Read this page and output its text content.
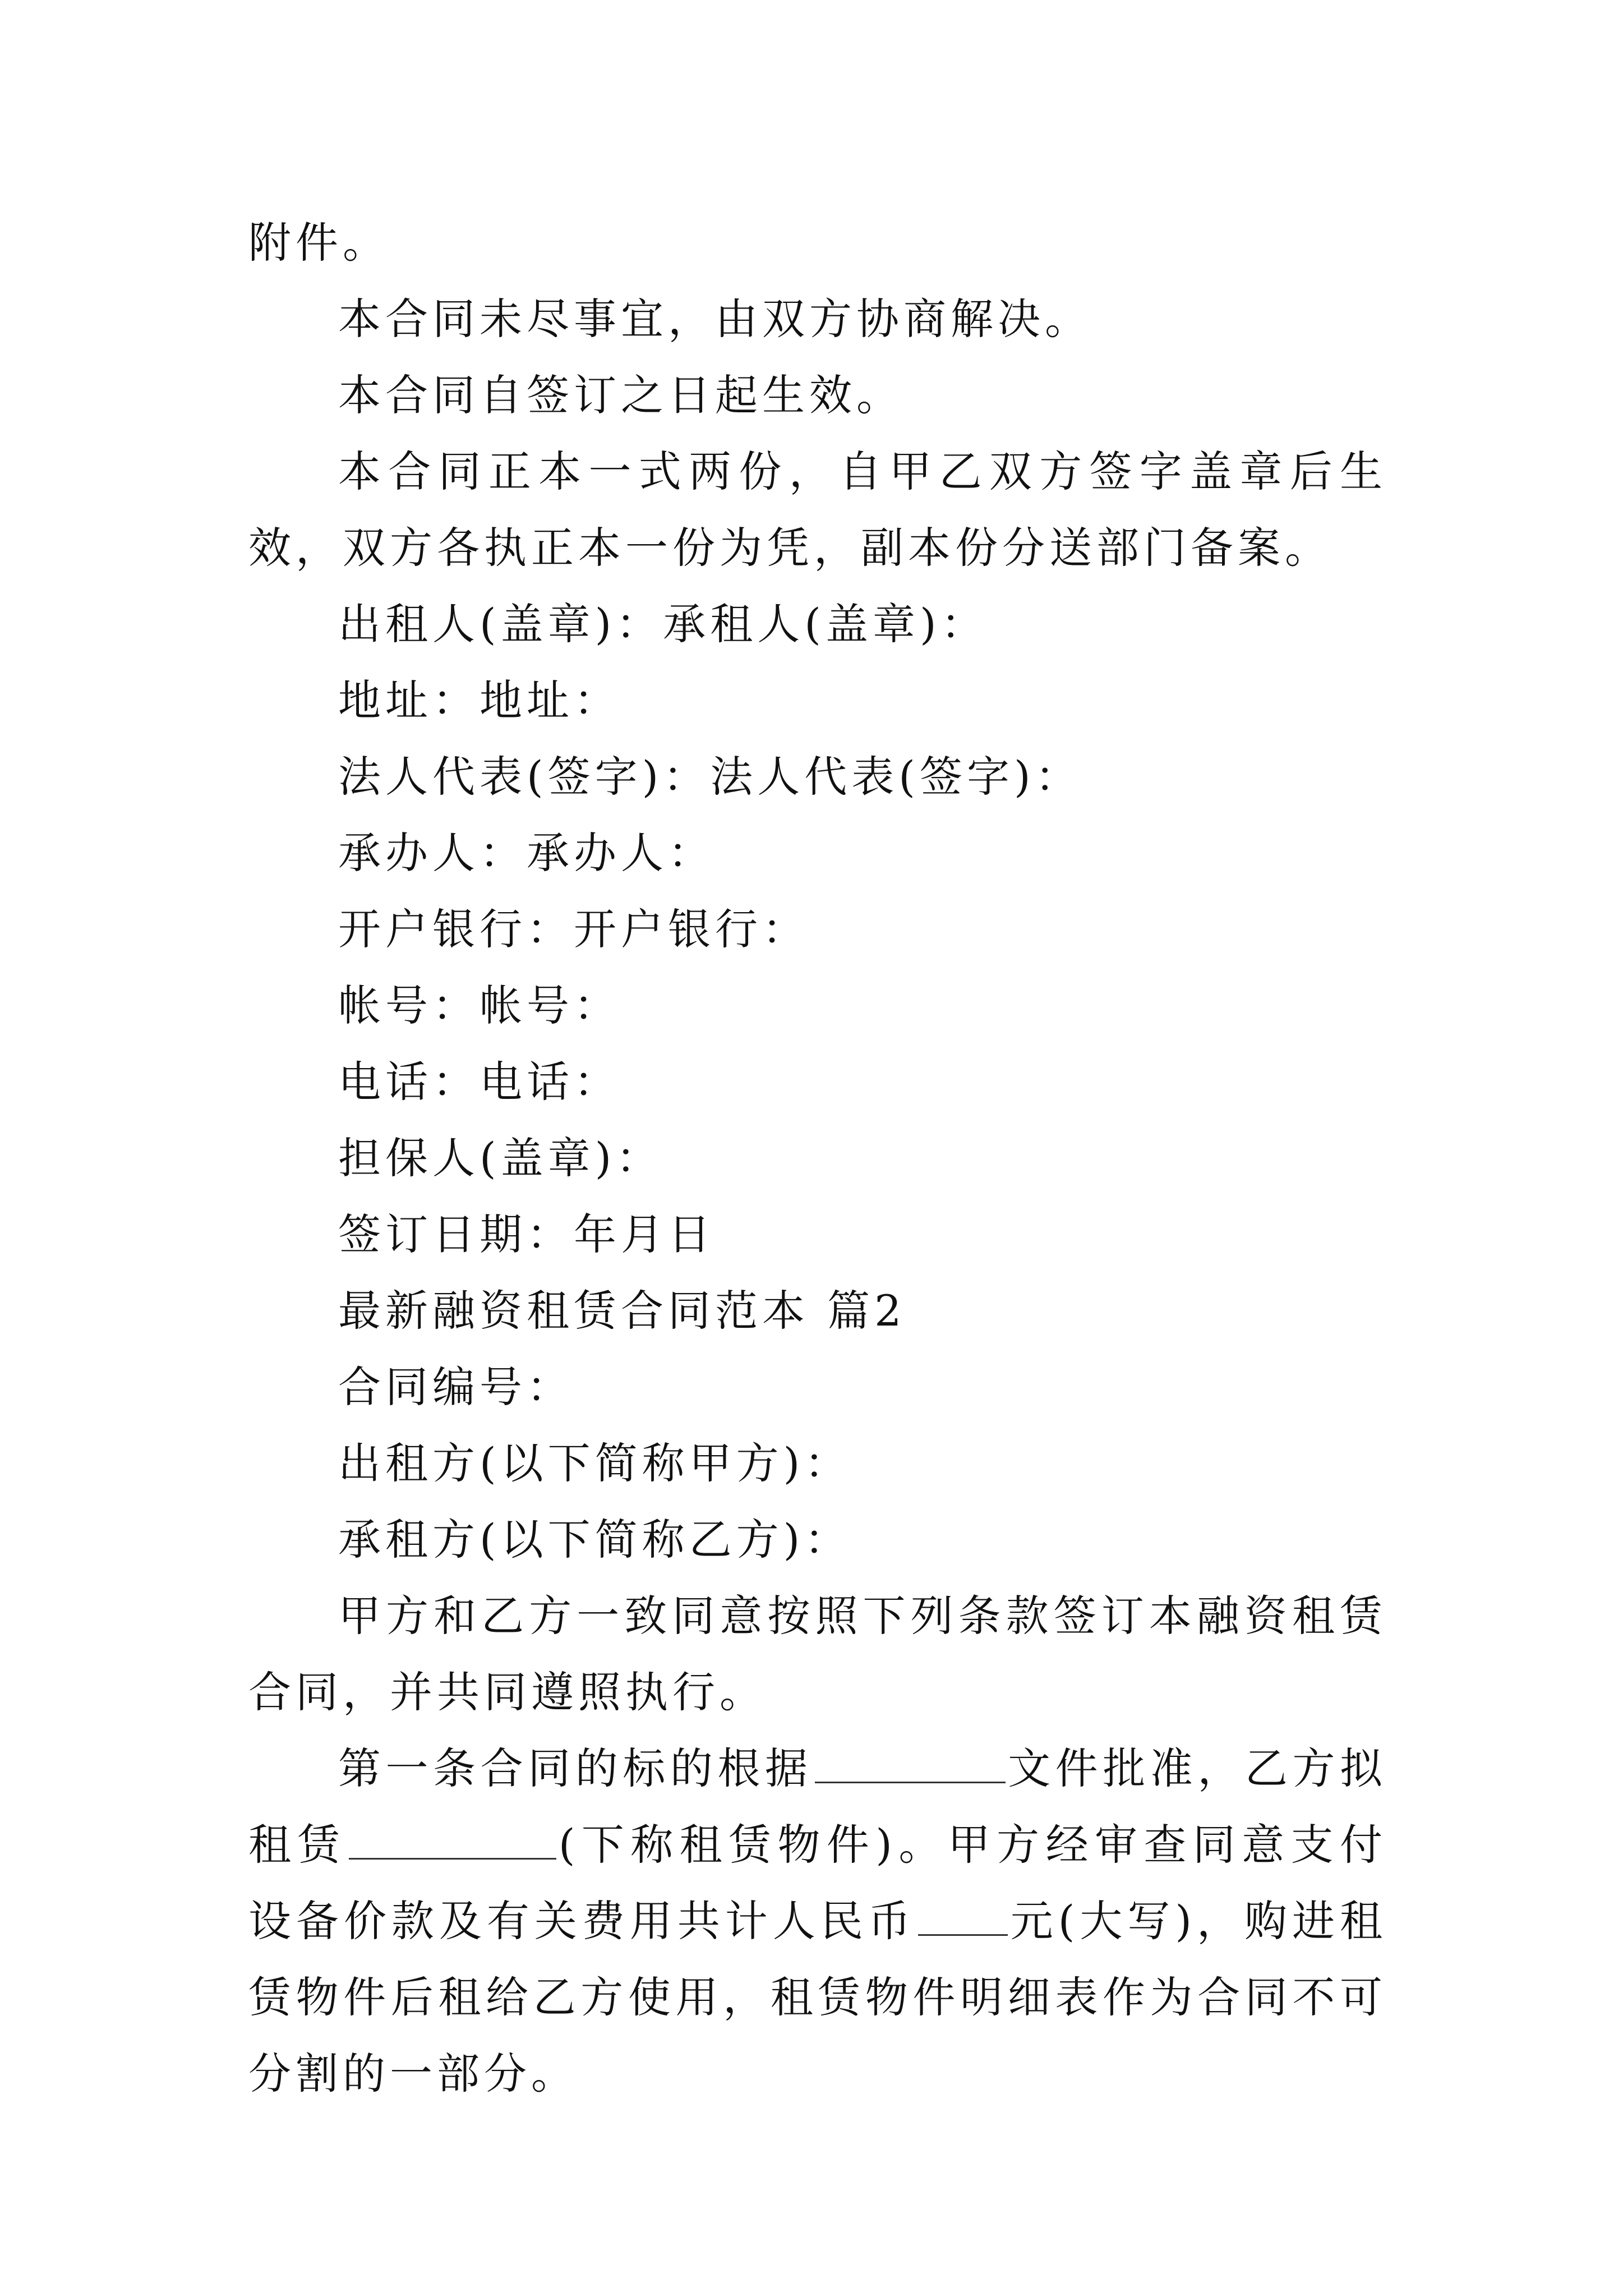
附件。

本合同未尽事宜，由双方协商解决。

本合同自签订之日起生效。

本合同正本一式两份，自甲乙双方签字盖章后生效，双方各执正本一份为凭，副本份分送部门备案。

出租人(盖章)：承租人(盖章)：

地址：地址：

法人代表(签字)：法人代表(签字)：

承办人：承办人：

开户银行：开户银行：

帐号：帐号：

电话：电话：

担保人(盖章)：

签订日期：年月日

最新融资租赁合同范本 篇2

合同编号：

出租方(以下简称甲方)：

承租方(以下简称乙方)：

甲方和乙方一致同意按照下列条款签订本融资租赁合同，并共同遵照执行。

第一条合同的标的根据	文件批准，乙方拟租赁	(下称租赁物件)。甲方经审查同意支付设备价款及有关费用共计人民币 元(大写)，购进租赁物件后租给乙方使用，租赁物件明细表作为合同不可分割的一部分。
